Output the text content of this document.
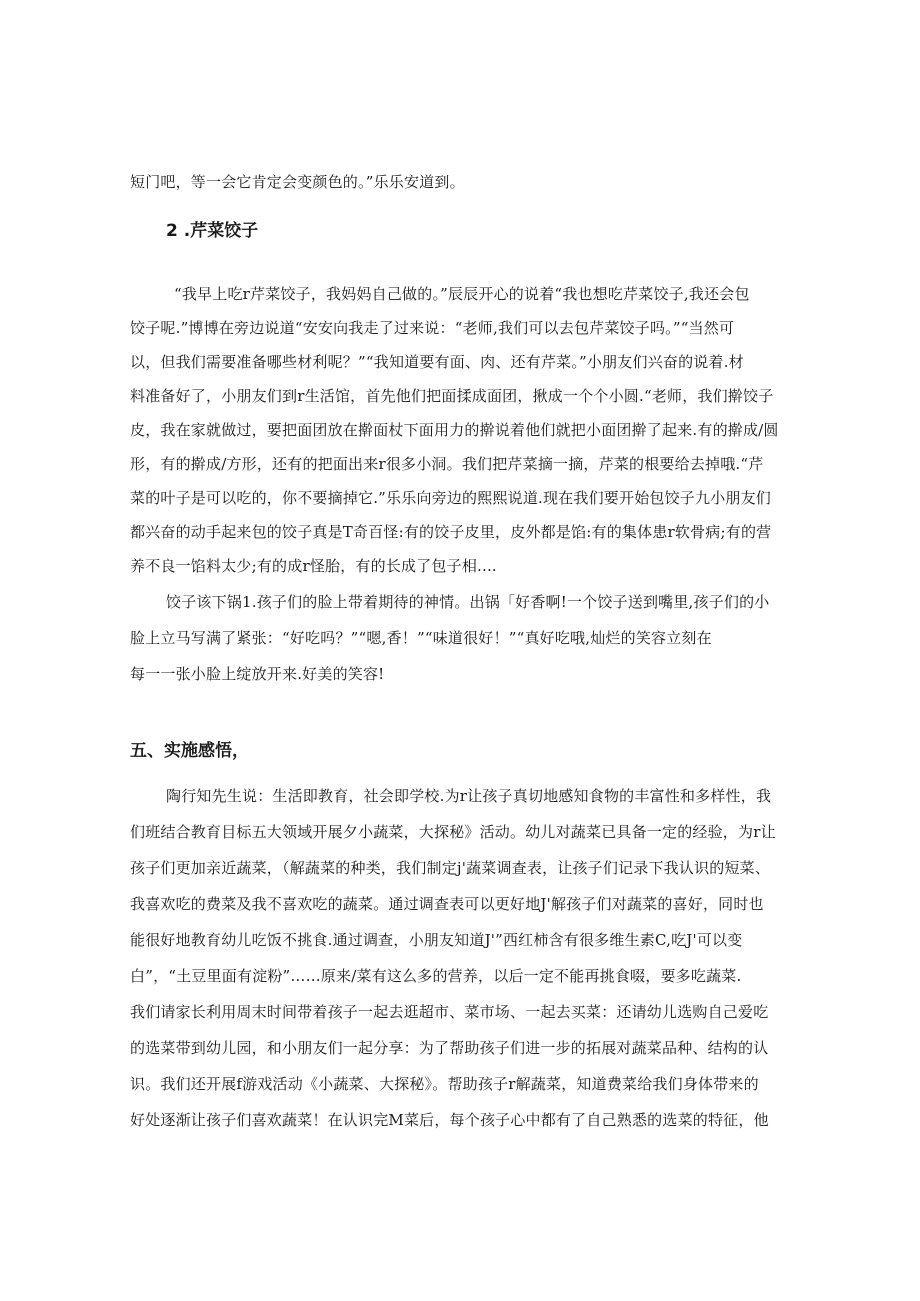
短门吧，等一会它肯定会变颜色的。”乐乐安道到。

2 .芹菜饺子

“我早上吃r芹菜饺子，我妈妈自己做的。”辰辰开心的说着“我也想吃芹菜饺子,我还会包

饺子呢.”博博在旁边说道“安安向我走了过来说：“老师,我们可以去包芹菜饺子吗。”“当然可

以，但我们需要准备哪些材利呢？”“我知道要有面、肉、还有芹菜。”小朋友们兴奋的说着.材

料准备好了，小朋友们到r生活馆，首先他们把面揉成面团，揪成一个个小圆.“老师，我们擀饺子

皮，我在家就做过，要把面团放在擀面杖下面用力的擀说着他们就把小面团擀了起来.有的擀成/圆

形，有的擀成/方形，还有的把面出来r很多小洞。我们把芹菜摘一摘，芹菜的根要给去掉哦.“芹

菜的叶子是可以吃的，你不要摘掉它.”乐乐向旁边的熙熙说道.现在我们要开始包饺子九小朋友们

都兴奋的动手起来包的饺子真是T奇百怪:有的饺子皮里，皮外都是馅:有的集体患r软骨病;有的营

养不良一馅料太少;有的成r怪胎，有的长成了包子相....

饺子该下锅1.孩子们的脸上带着期待的神情。出锅「好香啊!一个饺子送到嘴里,孩子们的小

脸上立马写满了紧张：“好吃吗？”“嗯,香！”“味道很好！”“真好吃哦,灿烂的笑容立刻在

每一一张小脸上绽放开来.好美的笑容!

五、实施感悟，

陶行知先生说：生活即教育，社会即学校.为r让孩子真切地感知食物的丰富性和多样性，我

们班结合教育目标五大领域开展夕小蔬菜，大探秘》活动。幼儿对蔬菜已具备一定的经验，为r让

孩子们更加亲近蔬菜，（解蔬菜的种类，我们制定j'蔬菜调查表，让孩子们记录下我认识的短菜、

我喜欢吃的费菜及我不喜欢吃的蔬菜。通过调查表可以更好地J'解孩子们对蔬菜的喜好，同时也

能很好地教育幼儿吃饭不挑食.通过调查，小朋友知道J'”西红柿含有很多维生素C,吃J'可以变

白”，“土豆里面有淀粉”……原来/菜有这么多的营养，以后一定不能再挑食啜，要多吃蔬菜.

我们请家长利用周末时间带着孩子一起去逛超市、菜市场、一起去买菜：还请幼儿选购自己爱吃

的选菜带到幼儿园，和小朋友们一起分享：为了帮助孩子们进一步的拓展对蔬菜品种、结构的认

识。我们还开展f游戏活动《小蔬菜、大探秘》。帮助孩子r解蔬菜，知道费菜给我们身体带来的

好处逐渐让孩子们喜欢蔬菜！在认识完M菜后，每个孩子心中都有了自己熟悉的选菜的特征，他
